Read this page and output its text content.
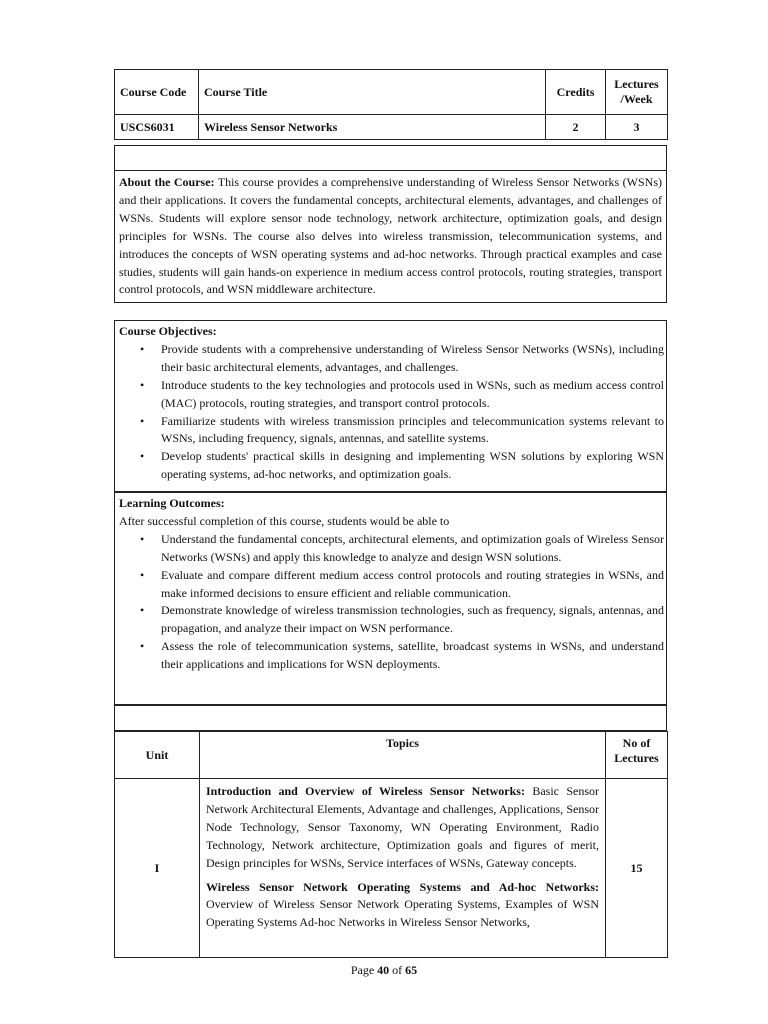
Course Code	Course Title	Credits	Lectures
/Week

USCS6031	Wireless Sensor Networks	2	3

About the Course: This course provides a comprehensive understanding of Wireless Sensor Networks (WSNs) and their applications. It covers the fundamental concepts, architectural elements, advantages, and challenges of WSNs. Students will explore sensor node technology, network architecture, optimization goals, and design principles for WSNs. The course also delves into wireless transmission, telecommunication systems, and introduces the concepts of WSN operating systems and ad-hoc networks. Through practical examples and case studies, students will gain hands-on experience in medium access control protocols, routing strategies, transport control protocols, and WSN middleware architecture.

Course Objectives:
• Provide students with a comprehensive understanding of Wireless Sensor Networks (WSNs), including their basic architectural elements, advantages, and challenges.
• Introduce students to the key technologies and protocols used in WSNs, such as medium access control (MAC) protocols, routing strategies, and transport control protocols.
• Familiarize students with wireless transmission principles and telecommunication systems relevant to WSNs, including frequency, signals, antennas, and satellite systems.
• Develop students' practical skills in designing and implementing WSN solutions by exploring WSN operating systems, ad-hoc networks, and optimization goals.
Learning Outcomes:
After successful completion of this course, students would be able to
• Understand the fundamental concepts, architectural elements, and optimization goals of Wireless Sensor Networks (WSNs) and apply this knowledge to analyze and design WSN solutions.
• Evaluate and compare different medium access control protocols and routing strategies in WSNs, and make informed decisions to ensure efficient and reliable communication.
• Demonstrate knowledge of wireless transmission technologies, such as frequency, signals, antennas, and propagation, and analyze their impact on WSN performance.
• Assess the role of telecommunication systems, satellite, broadcast systems in WSNs, and understand their applications and implications for WSN deployments.
Unit	Topics	No of
Lectures

I	Introduction and Overview of Wireless Sensor Networks: Basic Sensor Network Architectural Elements, Advantage and challenges, Applications, Sensor Node Technology, Sensor Taxonomy, WN Operating Environment, Radio Technology, Network architecture, Optimization goals and figures of merit, Design principles for WSNs, Service interfaces of WSNs, Gateway concepts.

Wireless Sensor Network Operating Systems and Ad-hoc Networks: Overview of Wireless Sensor Network Operating Systems, Examples of WSN Operating Systems Ad-hoc Networks in Wireless Sensor Networks,	15
Page 40 of 65
